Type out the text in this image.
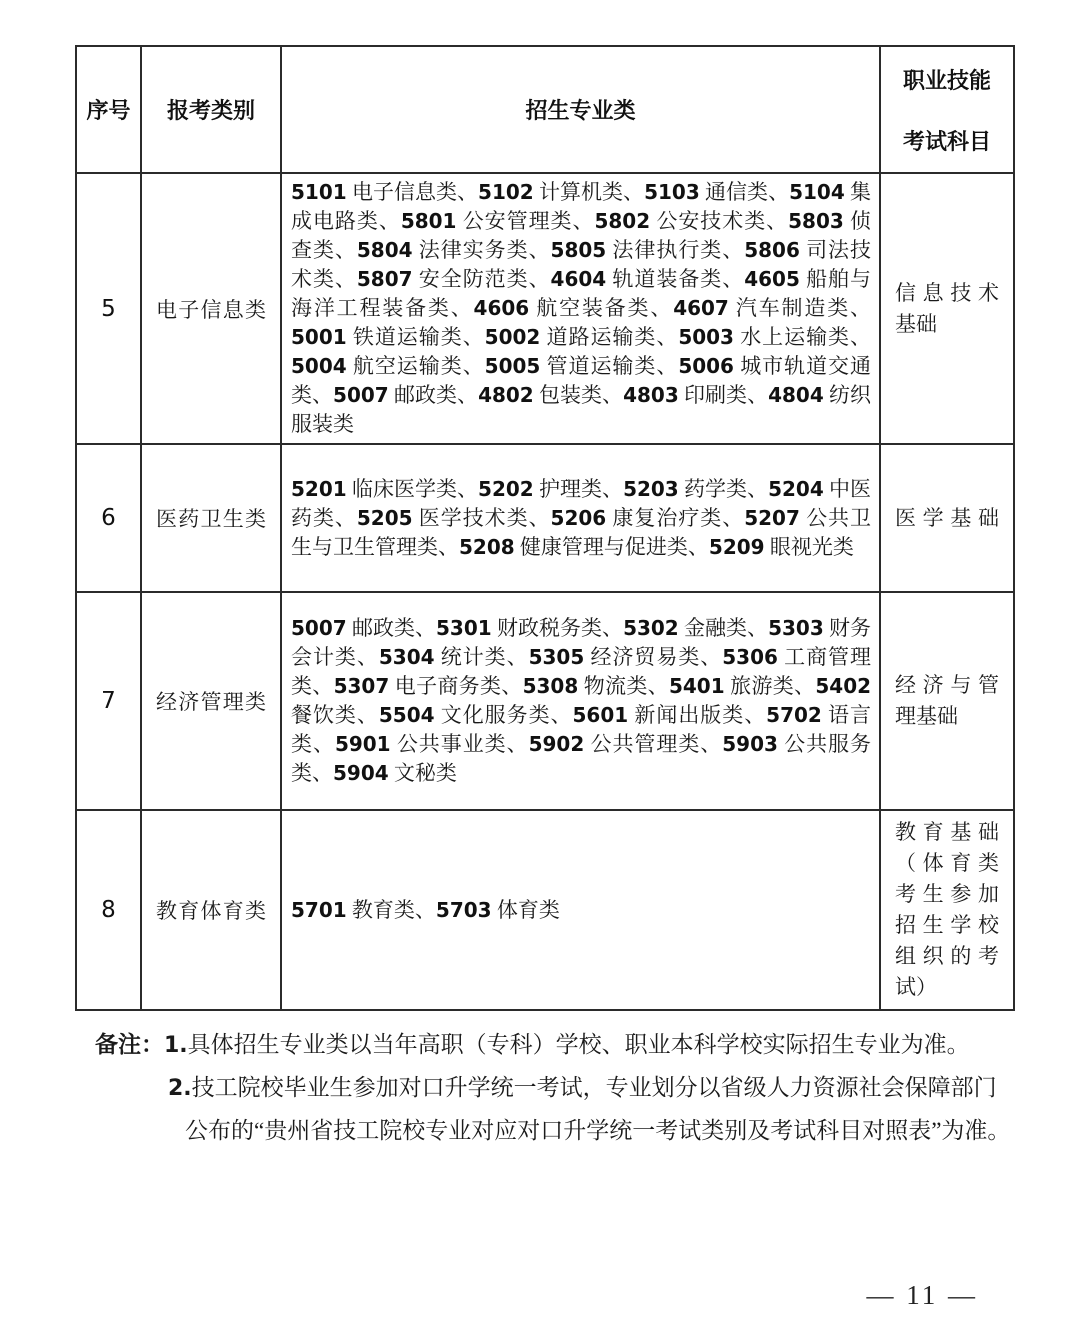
序号	报考类别	招生专业类	职业技能
考试科目

5	电子信息类	5101 电子信息类、5102 计算机类、5103 通信类、5104 集成电路类、5801 公安管理类、5802 公安技术类、5803 侦查类、5804 法律实务类、5805 法律执行类、5806 司法技术类、5807 安全防范类、4604 轨道装备类、4605 船舶与海洋工程装备类、4606 航空装备类、4607 汽车制造类、5001 铁道运输类、5002 道路运输类、5003 水上运输类、5004 航空运输类、5005 管道运输类、5006 城市轨道交通类、5007 邮政类、4802 包装类、4803 印刷类、4804 纺织服装类	信息技术基础
6	医药卫生类	5201 临床医学类、5202 护理类、5203 药学类、5204 中医药类、5205 医学技术类、5206 康复治疗类、5207 公共卫生与卫生管理类、5208 健康管理与促进类、5209 眼视光类	医学基础
7	经济管理类	5007 邮政类、5301 财政税务类、5302 金融类、5303 财务会计类、5304 统计类、5305 经济贸易类、5306 工商管理类、5307 电子商务类、5308 物流类、5401 旅游类、5402 餐饮类、5504 文化服务类、5601 新闻出版类、5702 语言类、5901 公共事业类、5902 公共管理类、5903 公共服务类、5904 文秘类	经济与管理基础
8	教育体育类	5701 教育类、5703 体育类	教育基础（体育类考生参加招生学校组织的考试）
备注：1.具体招生专业类以当年高职（专科）学校、职业本科学校实际招生专业为准。
2.技工院校毕业生参加对口升学统一考试，专业划分以省级人力资源社会保障部门
公布的“贵州省技工院校专业对应对口升学统一考试类别及考试科目对照表”为准。
— 11 —
